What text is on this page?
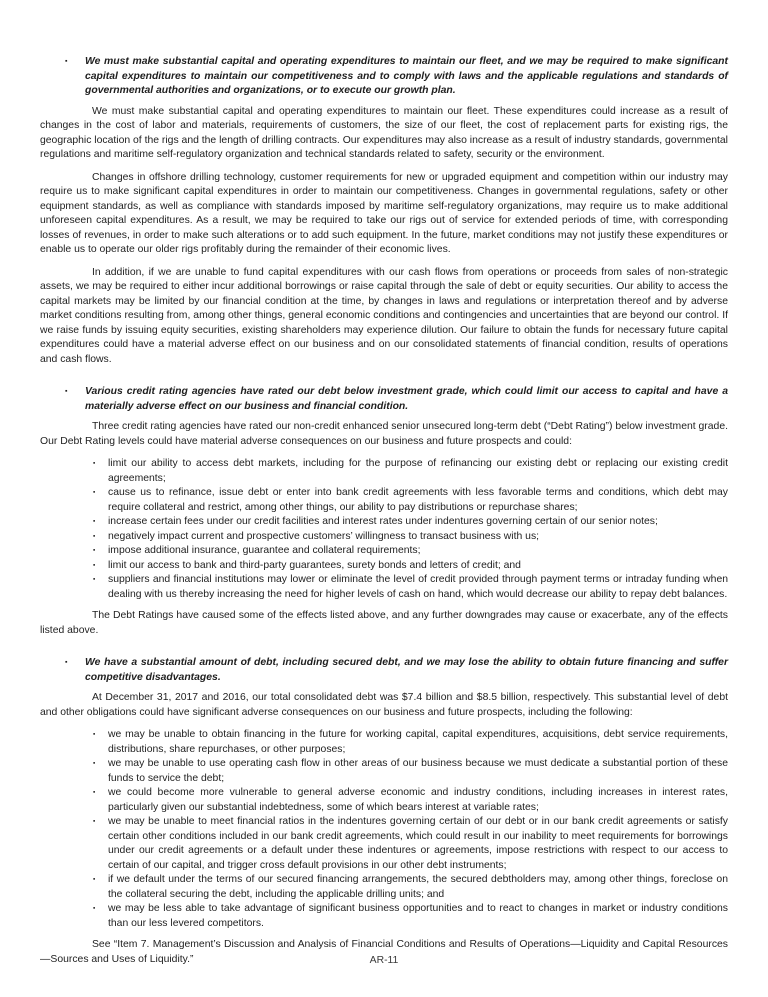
▪	We must make substantial capital and operating expenditures to maintain our fleet, and we may be required to make significant capital expenditures to maintain our competitiveness and to comply with laws and the applicable regulations and standards of governmental authorities and organizations, or to execute our growth plan.

We must make substantial capital and operating expenditures to maintain our fleet. These expenditures could increase as a result of changes in the cost of labor and materials, requirements of customers, the size of our fleet, the cost of replacement parts for existing rigs, the geographic location of the rigs and the length of drilling contracts. Our expenditures may also increase as a result of industry standards, governmental regulations and maritime self-regulatory organization and technical standards related to safety, security or the environment.

Changes in offshore drilling technology, customer requirements for new or upgraded equipment and competition within our industry may require us to make significant capital expenditures in order to maintain our competitiveness. Changes in governmental regulations, safety or other equipment standards, as well as compliance with standards imposed by maritime self-regulatory organizations, may require us to make additional unforeseen capital expenditures. As a result, we may be required to take our rigs out of service for extended periods of time, with corresponding losses of revenues, in order to make such alterations or to add such equipment. In the future, market conditions may not justify these expenditures or enable us to operate our older rigs profitably during the remainder of their economic lives.

In addition, if we are unable to fund capital expenditures with our cash flows from operations or proceeds from sales of non-strategic assets, we may be required to either incur additional borrowings or raise capital through the sale of debt or equity securities. Our ability to access the capital markets may be limited by our financial condition at the time, by changes in laws and regulations or interpretation thereof and by adverse market conditions resulting from, among other things, general economic conditions and contingencies and uncertainties that are beyond our control. If we raise funds by issuing equity securities, existing shareholders may experience dilution. Our failure to obtain the funds for necessary future capital expenditures could have a material adverse effect on our business and on our consolidated statements of financial condition, results of operations and cash flows.

▪	Various credit rating agencies have rated our debt below investment grade, which could limit our access to capital and have a materially adverse effect on our business and financial condition.

Three credit rating agencies have rated our non-credit enhanced senior unsecured long-term debt (“Debt Rating”) below investment grade. Our Debt Rating levels could have material adverse consequences on our business and future prospects and could:

▪	limit our ability to access debt markets, including for the purpose of refinancing our existing debt or replacing our existing credit agreements;
▪	cause us to refinance, issue debt or enter into bank credit agreements with less favorable terms and conditions, which debt may require collateral and restrict, among other things, our ability to pay distributions or repurchase shares;
▪	increase certain fees under our credit facilities and interest rates under indentures governing certain of our senior notes;
▪	negatively impact current and prospective customers’ willingness to transact business with us;
▪	impose additional insurance, guarantee and collateral requirements;
▪	limit our access to bank and third-party guarantees, surety bonds and letters of credit; and
▪	suppliers and financial institutions may lower or eliminate the level of credit provided through payment terms or intraday funding when dealing with us thereby increasing the need for higher levels of cash on hand, which would decrease our ability to repay debt balances.

The Debt Ratings have caused some of the effects listed above, and any further downgrades may cause or exacerbate, any of the effects listed above.

▪	We have a substantial amount of debt, including secured debt, and we may lose the ability to obtain future financing and suffer competitive disadvantages.

At December 31, 2017 and 2016, our total consolidated debt was $7.4 billion and $8.5 billion, respectively. This substantial level of debt and other obligations could have significant adverse consequences on our business and future prospects, including the following:

▪	we may be unable to obtain financing in the future for working capital, capital expenditures, acquisitions, debt service requirements, distributions, share repurchases, or other purposes;
▪	we may be unable to use operating cash flow in other areas of our business because we must dedicate a substantial portion of these funds to service the debt;
▪	we could become more vulnerable to general adverse economic and industry conditions, including increases in interest rates, particularly given our substantial indebtedness, some of which bears interest at variable rates;
▪	we may be unable to meet financial ratios in the indentures governing certain of our debt or in our bank credit agreements or satisfy certain other conditions included in our bank credit agreements, which could result in our inability to meet requirements for borrowings under our credit agreements or a default under these indentures or agreements, impose restrictions with respect to our access to certain of our capital, and trigger cross default provisions in our other debt instruments;
▪	if we default under the terms of our secured financing arrangements, the secured debtholders may, among other things, foreclose on the collateral securing the debt, including the applicable drilling units; and
▪	we may be less able to take advantage of significant business opportunities and to react to changes in market or industry conditions than our less levered competitors.

See “Item 7. Management’s Discussion and Analysis of Financial Conditions and Results of Operations—Liquidity and Capital Resources—Sources and Uses of Liquidity.”	AR-11
